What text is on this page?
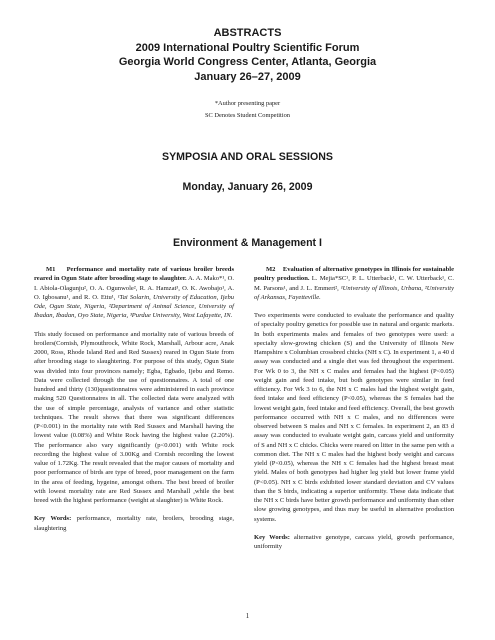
ABSTRACTS
2009 International Poultry Scientific Forum
Georgia World Congress Center, Atlanta, Georgia
January 26–27, 2009
*Author presenting paper
SC Denotes Student Competition
SYMPOSIA AND ORAL SESSIONS
Monday, January 26, 2009
Environment & Management I
M1 Performance and mortality rate of various broiler breeds reared in Ogun State after brooding stage to slaughter. A. A. Mako*¹, O. I. Abiola-Olagunju², O. A. Ogunwole², R. A. Hamzat³, O. K. Awobajo¹, A. O. Igbosanu¹, and R. O. Ettu¹, ¹Tai Solarin, University of Education, Ijebu Ode, Ogun State, Nigeria, ²Department of Animal Science, University of Ibadan, Ibadan, Oyo State, Nigeria, ³Purdue University, West Lafayette, IN.

This study focused on performance and mortality rate of various breeds of broilers(Cornish, Plymouthrock, White Rock, Marshall, Arbour acre, Anak 2000, Ross, Rhode Island Red and Red Sussex) reared in Ogun State from after brooding stage to slaughtering. For purpose of this study, Ogun State was divided into four provinces namely; Egba, Egbado, Ijebu and Remo. Data were collected through the use of questionnaires. A total of one hundred and thirty (130)questionnaires were administered in each province making 520 Questionnaires in all. The collected data were analyzed with the use of simple percentage, analysis of variance and other statistic techniques. The result shows that there was significant differences (P<0.001) in the mortality rate with Red Sussex and Marshall having the lowest value (0.08%) and White Rock having the highest value (2.20%). The performance also vary significantly (p<0.001) with White rock recording the highest value of 3.00Kg and Cornish recording the lowest value of 1.72Kg. The result revealed that the major causes of mortality and poor performance of birds are type of breed, poor management on the farm in the area of feeding, hygeine, amongst others. The best breed of broiler with lowest mortality rate are Red Sussex and Marshall ,while the best breed with the highest performance (weight at slaughter) is White Rock.

Key Words: performance, mortality rate, broilers, brooding stage, slaughtering

M2 Evaluation of alternative genotypes in Illinois for sustainable poultry production. L. Mejia*SC¹, P. L. Utterback¹, C. W. Utterback¹, C. M. Parsons¹, and J. L. Emmert², ¹University of Illinois, Urbana, ²University of Arkansas, Fayetteville.

Two experiments were conducted to evaluate the performance and quality of specialty poultry genetics for possible use in natural and organic markets. In both experiments males and females of two genotypes were used: a specialty slow-growing chicken (S) and the University of Illinois New Hampshire x Columbian crossbred chicks (NH x C). In experiment 1, a 40 d assay was conducted and a single diet was fed throughout the experiment. For Wk 0 to 3, the NH x C males and females had the highest (P<0.05) weight gain and feed intake, but both genotypes were similar in feed efficiency. For Wk 3 to 6, the NH x C males had the highest weight gain, feed intake and feed efficiency (P<0.05), whereas the S females had the lowest weight gain, feed intake and feed efficiency. Overall, the best growth performance occurred with NH x C males, and no differences were observed between S males and NH x C females. In experiment 2, an 83 d assay was conducted to evaluate weight gain, carcass yield and uniformity of S and NH x C chicks. Chicks were reared on litter in the same pen with a common diet. The NH x C males had the highest body weight and carcass yield (P<0.05), whereas the NH x C females had the highest breast meat yield. Males of both genotypes had higher leg yield but lower frame yield (P<0.05). NH x C birds exhibited lower standard deviation and CV values than the S birds, indicating a superior uniformity. These data indicate that the NH x C birds have better growth performance and uniformity than other slow growing genotypes, and thus may be useful in alternative production systems.

Key Words: alternative genotype, carcass yield, growth performance, uniformity

1
